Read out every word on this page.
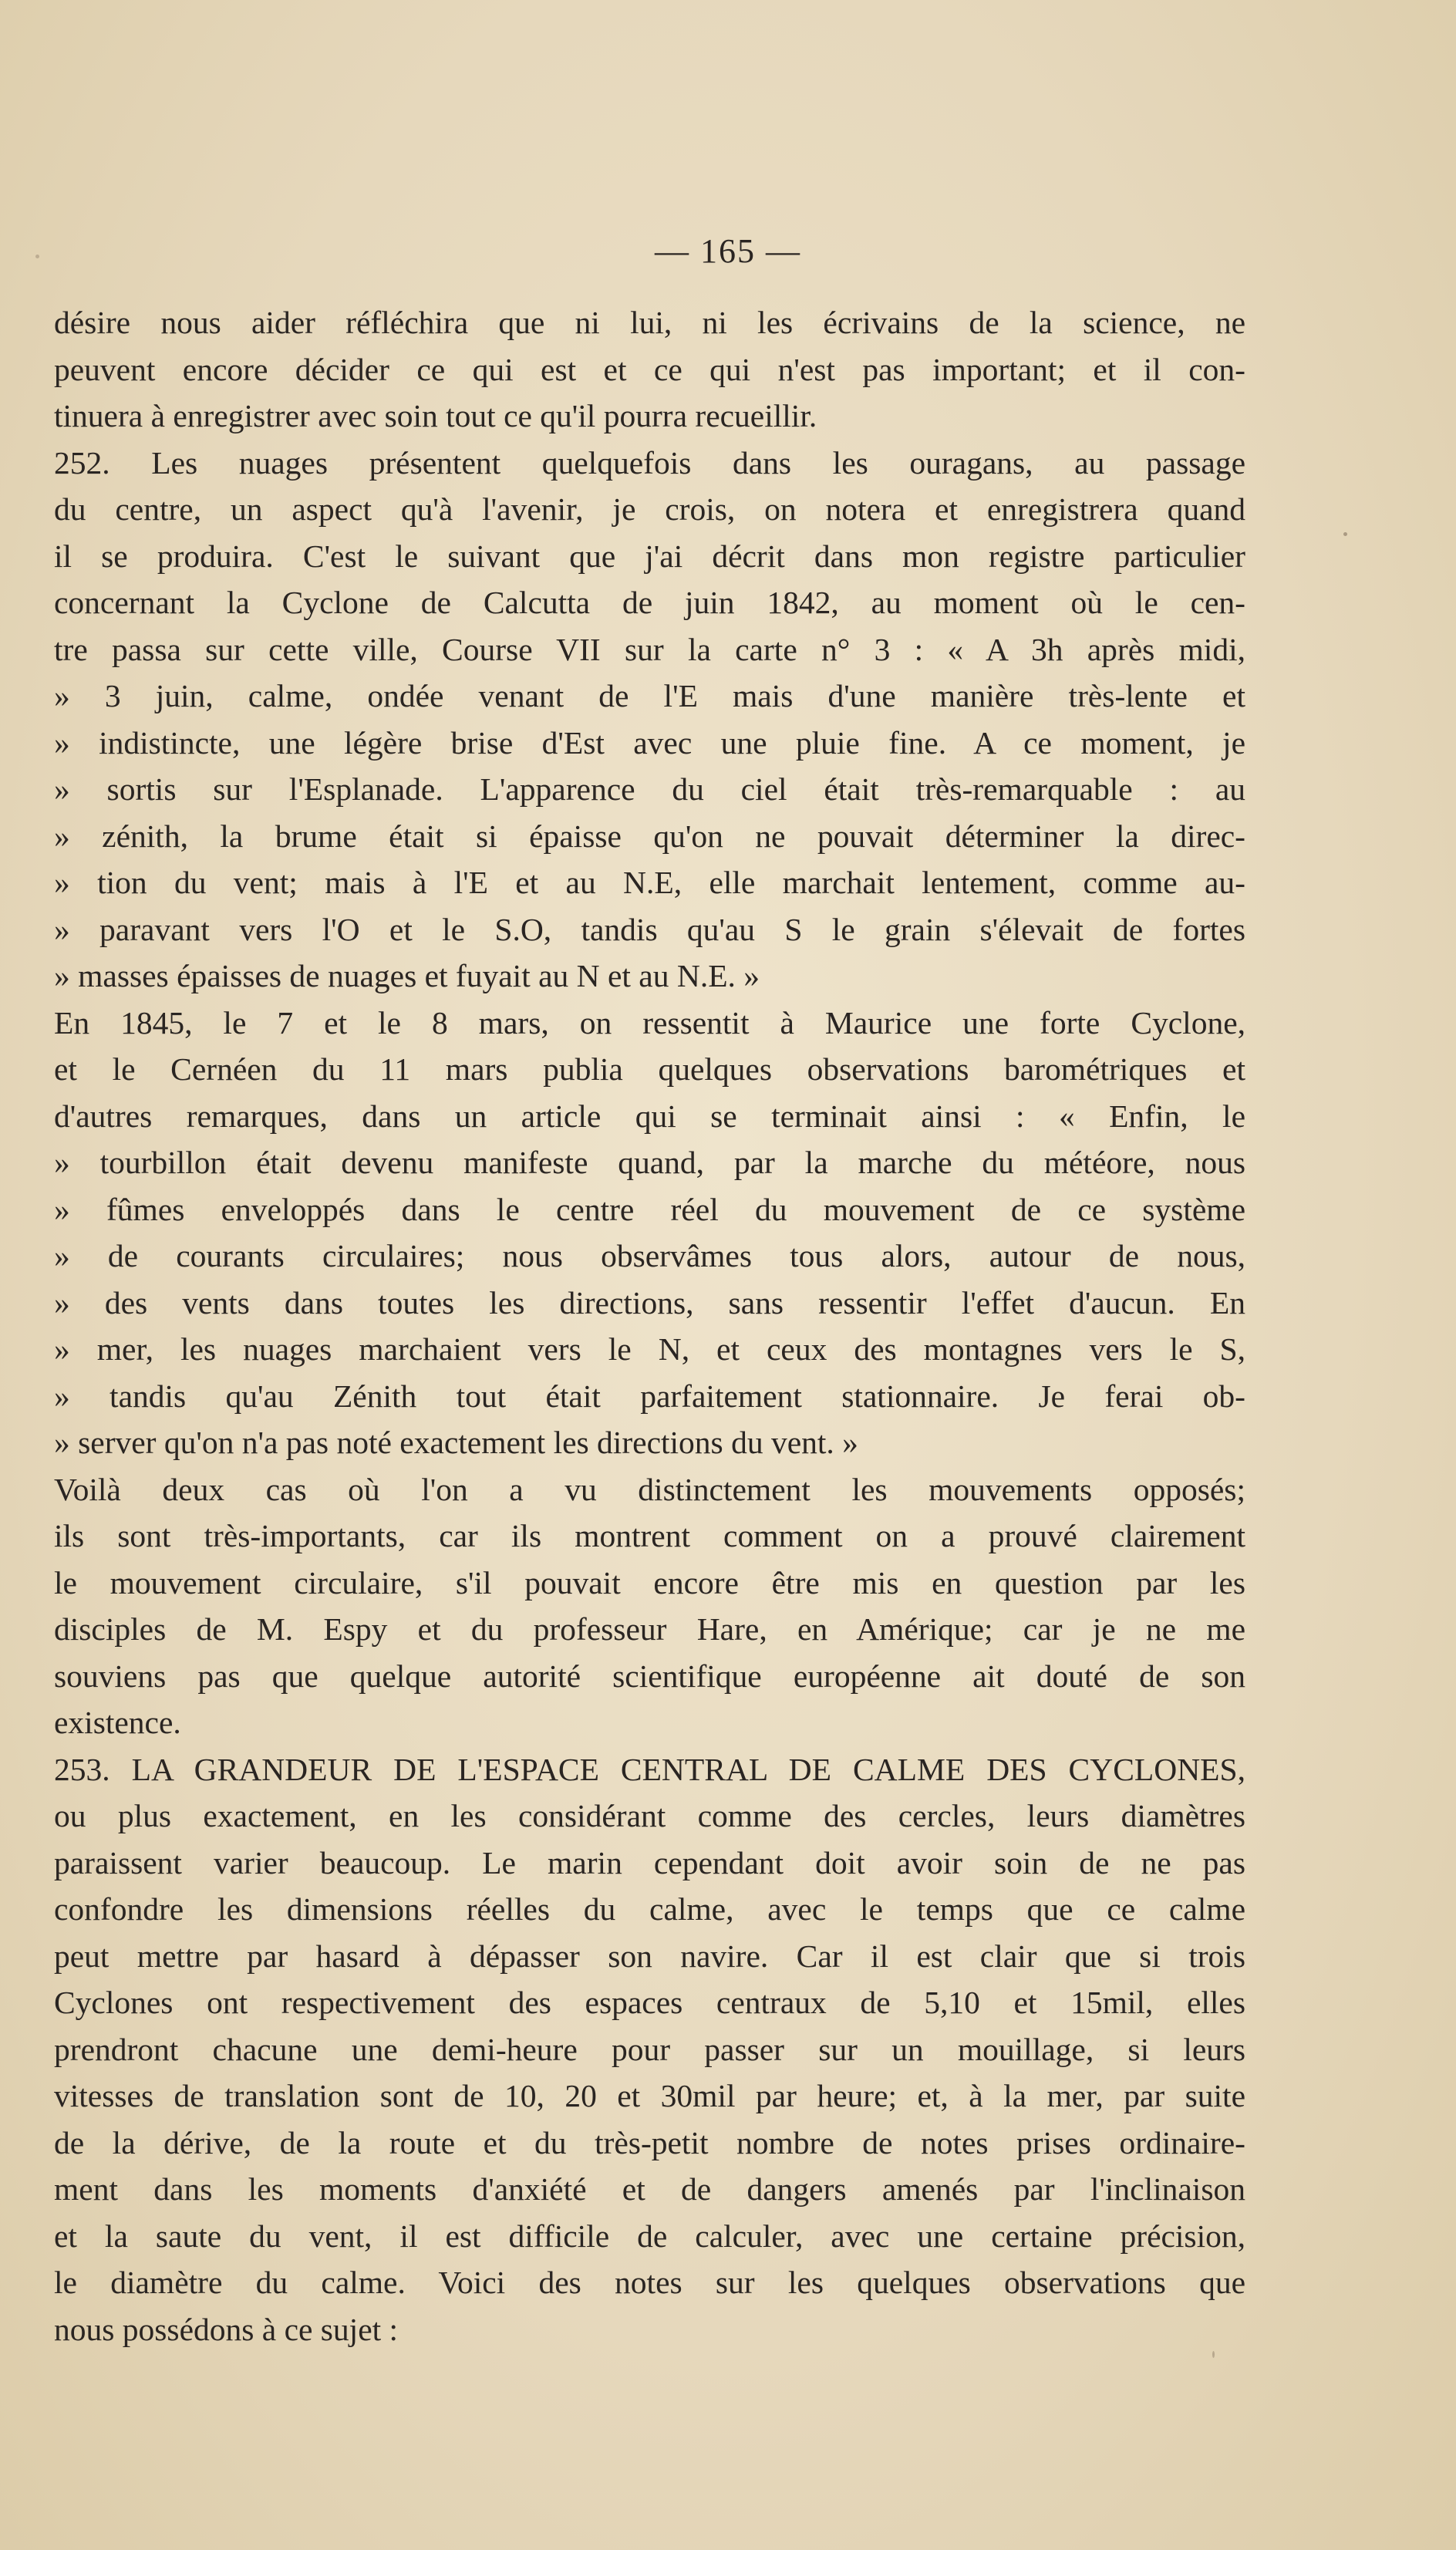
— 165 —
désire nous aider réfléchira que ni lui, ni les écrivains de la science, ne
peuvent encore décider ce qui est et ce qui n'est pas important; et il con-
tinuera à enregistrer avec soin tout ce qu'il pourra recueillir.
252. Les nuages présentent quelquefois dans les ouragans, au passage
du centre, un aspect qu'à l'avenir, je crois, on notera et enregistrera quand
il se produira. C'est le suivant que j'ai décrit dans mon registre particulier
concernant la Cyclone de Calcutta de juin 1842, au moment où le cen-
tre passa sur cette ville, Course VII sur la carte n° 3 : « A 3h après midi,
» 3 juin, calme, ondée venant de l'E mais d'une manière très-lente et
» indistincte, une légère brise d'Est avec une pluie fine. A ce moment, je
» sortis sur l'Esplanade. L'apparence du ciel était très-remarquable : au
» zénith, la brume était si épaisse qu'on ne pouvait déterminer la direc-
» tion du vent; mais à l'E et au N.E, elle marchait lentement, comme au-
» paravant vers l'O et le S.O, tandis qu'au S le grain s'élevait de fortes
» masses épaisses de nuages et fuyait au N et au N.E. »
En 1845, le 7 et le 8 mars, on ressentit à Maurice une forte Cyclone,
et le Cernéen du 11 mars publia quelques observations barométriques et
d'autres remarques, dans un article qui se terminait ainsi : « Enfin, le
» tourbillon était devenu manifeste quand, par la marche du météore, nous
» fûmes enveloppés dans le centre réel du mouvement de ce système
» de courants circulaires; nous observâmes tous alors, autour de nous,
» des vents dans toutes les directions, sans ressentir l'effet d'aucun. En
» mer, les nuages marchaient vers le N, et ceux des montagnes vers le S,
» tandis qu'au Zénith tout était parfaitement stationnaire. Je ferai ob-
» server qu'on n'a pas noté exactement les directions du vent. »
Voilà deux cas où l'on a vu distinctement les mouvements opposés;
ils sont très-importants, car ils montrent comment on a prouvé clairement
le mouvement circulaire, s'il pouvait encore être mis en question par les
disciples de M. Espy et du professeur Hare, en Amérique; car je ne me
souviens pas que quelque autorité scientifique européenne ait douté de son
existence.
253. LA GRANDEUR DE L'ESPACE CENTRAL DE CALME DES CYCLONES,
ou plus exactement, en les considérant comme des cercles, leurs diamètres
paraissent varier beaucoup. Le marin cependant doit avoir soin de ne pas
confondre les dimensions réelles du calme, avec le temps que ce calme
peut mettre par hasard à dépasser son navire. Car il est clair que si trois
Cyclones ont respectivement des espaces centraux de 5,10 et 15mil, elles
prendront chacune une demi-heure pour passer sur un mouillage, si leurs
vitesses de translation sont de 10, 20 et 30mil par heure; et, à la mer, par suite
de la dérive, de la route et du très-petit nombre de notes prises ordinaire-
ment dans les moments d'anxiété et de dangers amenés par l'inclinaison
et la saute du vent, il est difficile de calculer, avec une certaine précision,
le diamètre du calme. Voici des notes sur les quelques observations que
nous possédons à ce sujet :
